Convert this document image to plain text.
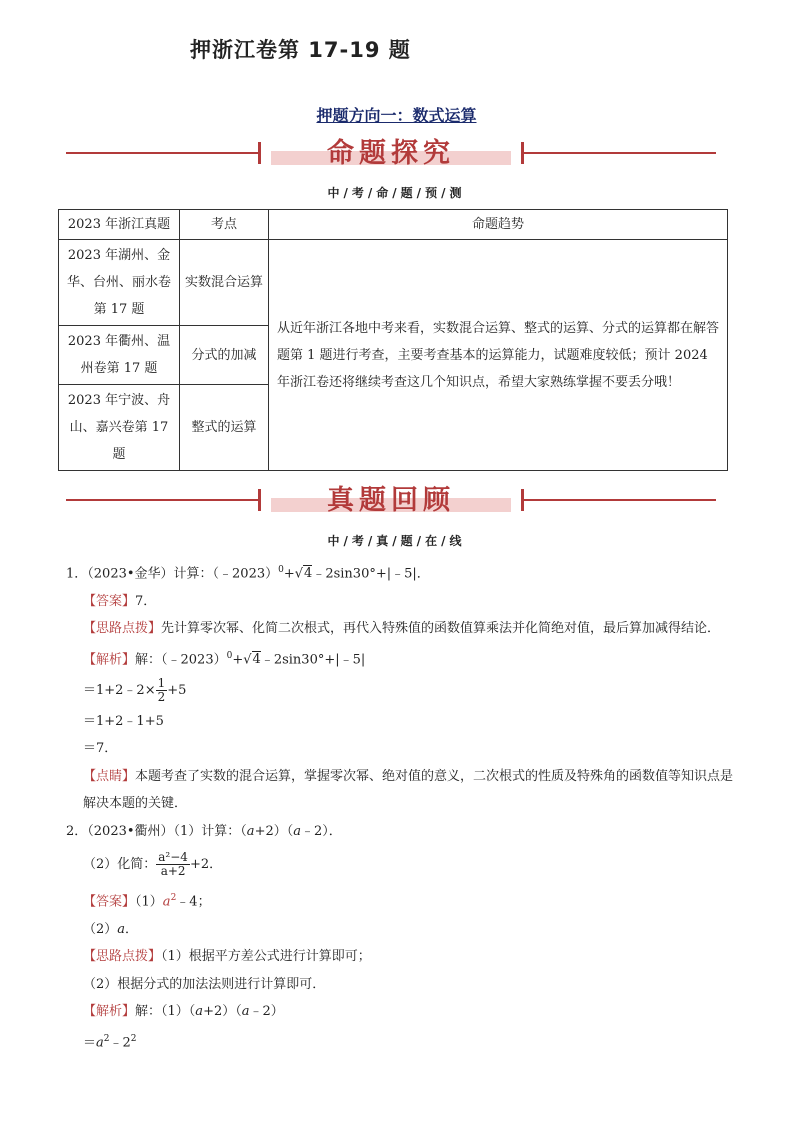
押浙江卷第 17-19 题
押题方向一：数式运算
命题探究
中/考/命/题/预/测
2023 年浙江真题	考点	命题趋势
2023 年湖州、金华、台州、丽水卷第 17 题	实数混合运算	从近年浙江各地中考来看，实数混合运算、整式的运算、分式的运算都在解答题第 1 题进行考查，主要考查基本的运算能力，试题难度较低；预计 2024 年浙江卷还将继续考查这几个知识点，希望大家熟练掌握不要丢分哦！
2023 年衢州、温州卷第 17 题	分式的加减	
2023 年宁波、舟山、嘉兴卷第 17 题	整式的运算	
真题回顾
中/考/真/题/在/线

1．（2023•金华）计算：（﹣2023）$^0$+√4﹣2sin30°+|﹣5|．

【答案】7．

【思路点拨】先计算零次幂、化简二次根式，再代入特殊值的函数值算乘法并化简绝对值，最后算加减得结论．

【解析】解：（﹣2023）$^0$+√4﹣2sin30°+|﹣5|

＝1+2﹣2× $\frac{1}{2} +5$

＝1+2﹣1+5

＝7．

【点睛】本题考查了实数的混合运算，掌握零次幂、绝对值的意义，二次根式的性质及特殊角的函数值等知识点是解决本题的关键．

2．（2023•衢州）（1）计算：（a+2）（a﹣2）．

（2）化简： $\frac{\text{a²−4}}{a+2} +2$．

【答案】$(1)a^2﹣4$；

（2）a．

【思路点拨】（1）根据平方差公式进行计算即可；

（2）根据分式的加法法则进行计算即可．

【解析】解：（1）（a+2）（a﹣2）

$=a^2﹣2^2$
